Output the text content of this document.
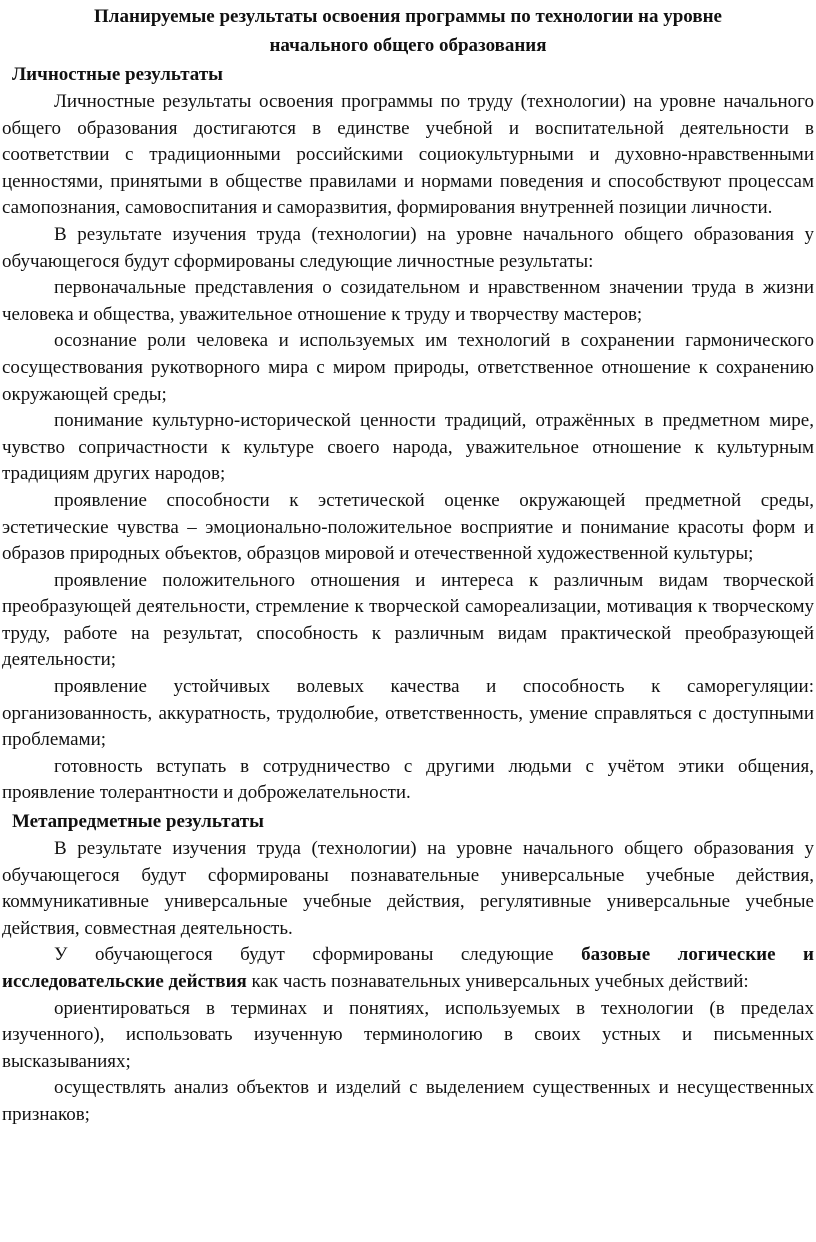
Планируемые результаты освоения программы по технологии на уровне
начального общего образования
Личностные результаты

Личностные результаты освоения программы по труду (технологии) на уровне начального общего образования достигаются в единстве учебной и воспитательной деятельности в соответствии с традиционными российскими социокультурными и духовно-нравственными ценностями, принятыми в обществе правилами и нормами поведения и способствуют процессам самопознания, самовоспитания и саморазвития, формирования внутренней позиции личности.

В результате изучения труда (технологии) на уровне начального общего образования у обучающегося будут сформированы следующие личностные результаты:

первоначальные представления о созидательном и нравственном значении труда в жизни человека и общества, уважительное отношение к труду и творчеству мастеров;

осознание роли человека и используемых им технологий в сохранении гармонического сосуществования рукотворного мира с миром природы, ответственное отношение к сохранению окружающей среды;

понимание культурно-исторической ценности традиций, отражённых в предметном мире, чувство сопричастности к культуре своего народа, уважительное отношение к культурным традициям других народов;

проявление способности к эстетической оценке окружающей предметной среды, эстетические чувства – эмоционально-положительное восприятие и понимание красоты форм и образов природных объектов, образцов мировой и отечественной художественной культуры;

проявление положительного отношения и интереса к различным видам творческой преобразующей деятельности, стремление к творческой самореализации, мотивация к творческому труду, работе на результат, способность к различным видам практической преобразующей деятельности;

проявление устойчивых волевых качества и способность к саморегуляции: организованность, аккуратность, трудолюбие, ответственность, умение справляться с доступными проблемами;

готовность вступать в сотрудничество с другими людьми с учётом этики общения, проявление толерантности и доброжелательности.

Метапредметные результаты

В результате изучения труда (технологии) на уровне начального общего образования у обучающегося будут сформированы познавательные универсальные учебные действия, коммуникативные универсальные учебные действия, регулятивные универсальные учебные действия, совместная деятельность.

У обучающегося будут сформированы следующие базовые логические и исследовательские действия как часть познавательных универсальных учебных действий:

ориентироваться в терминах и понятиях, используемых в технологии (в пределах изученного), использовать изученную терминологию в своих устных и письменных высказываниях;

осуществлять анализ объектов и изделий с выделением существенных и несущественных признаков;
